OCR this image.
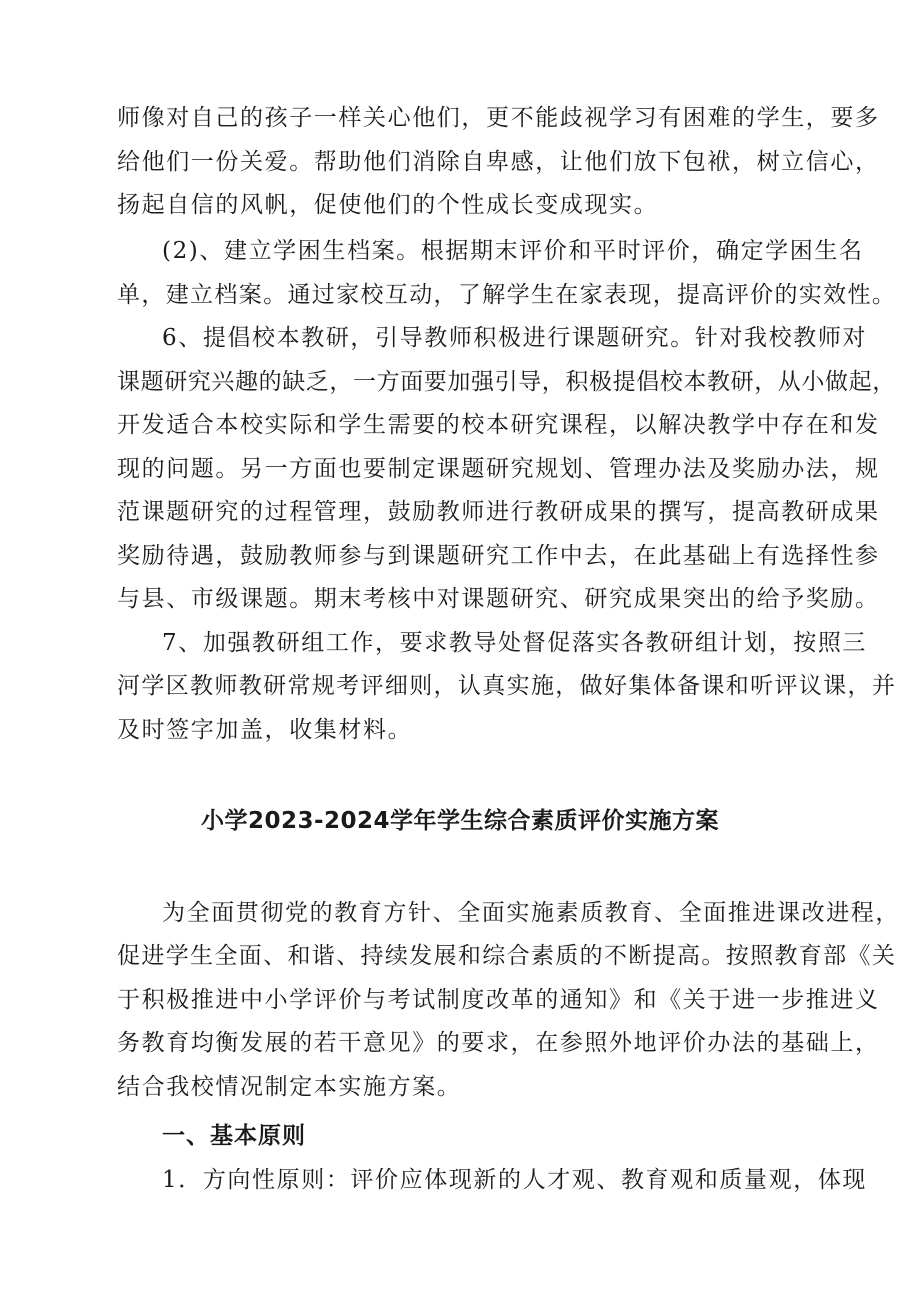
师像对自己的孩子一样关心他们，更不能歧视学习有困难的学生，要多
给他们一份关爱。帮助他们消除自卑感，让他们放下包袱，树立信心，
扬起自信的风帆，促使他们的个性成长变成现实。
(2)、建立学困生档案。根据期末评价和平时评价，确定学困生名
单，建立档案。通过家校互动，了解学生在家表现，提高评价的实效性。
6、提倡校本教研，引导教师积极进行课题研究。针对我校教师对
课题研究兴趣的缺乏，一方面要加强引导，积极提倡校本教研，从小做起，
开发适合本校实际和学生需要的校本研究课程，以解决教学中存在和发
现的问题。另一方面也要制定课题研究规划、管理办法及奖励办法，规
范课题研究的过程管理，鼓励教师进行教研成果的撰写，提高教研成果
奖励待遇，鼓励教师参与到课题研究工作中去，在此基础上有选择性参
与县、市级课题。期末考核中对课题研究、研究成果突出的给予奖励。
7、加强教研组工作，要求教导处督促落实各教研组计划，按照三
河学区教师教研常规考评细则，认真实施，做好集体备课和听评议课，并
及时签字加盖，收集材料。
小学2023-2024学年学生综合素质评价实施方案
为全面贯彻党的教育方针、全面实施素质教育、全面推进课改进程，
促进学生全面、和谐、持续发展和综合素质的不断提高。按照教育部《关
于积极推进中小学评价与考试制度改革的通知》和《关于进一步推进义
务教育均衡发展的若干意见》的要求，在参照外地评价办法的基础上，
结合我校情况制定本实施方案。
一、基本原则
1．方向性原则：评价应体现新的人才观、教育观和质量观，体现
